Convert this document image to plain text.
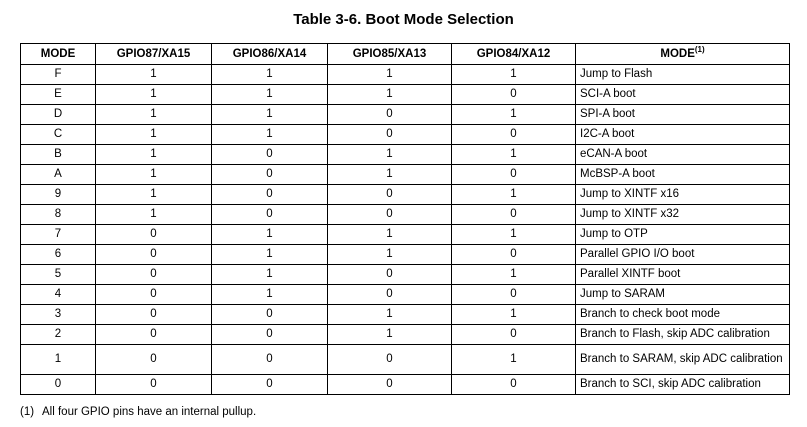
Table 3-6. Boot Mode Selection
MODE	GPIO87/XA15	GPIO86/XA14	GPIO85/XA13	GPIO84/XA12	MODE$^{(1)}$
F	1	1	1	1	Jump to Flash
E	1	1	1	0	SCI-A boot
D	1	1	0	1	SPI-A boot
C	1	1	0	0	I2C-A boot
B	1	0	1	1	eCAN-A boot
A	1	0	1	0	McBSP-A boot
9	1	0	0	1	Jump to XINTF x16
8	1	0	0	0	Jump to XINTF x32
7	0	1	1	1	Jump to OTP
6	0	1	1	0	Parallel GPIO I/O boot
5	0	1	0	1	Parallel XINTF boot
4	0	1	0	0	Jump to SARAM
3	0	0	1	1	Branch to check boot mode
2	0	0	1	0	Branch to Flash, skip ADC calibration
1	0	0	0	1	Branch to SARAM, skip ADC calibration
0	0	0	0	0	Branch to SCI, skip ADC calibration
(1) All four GPIO pins have an internal pullup.
